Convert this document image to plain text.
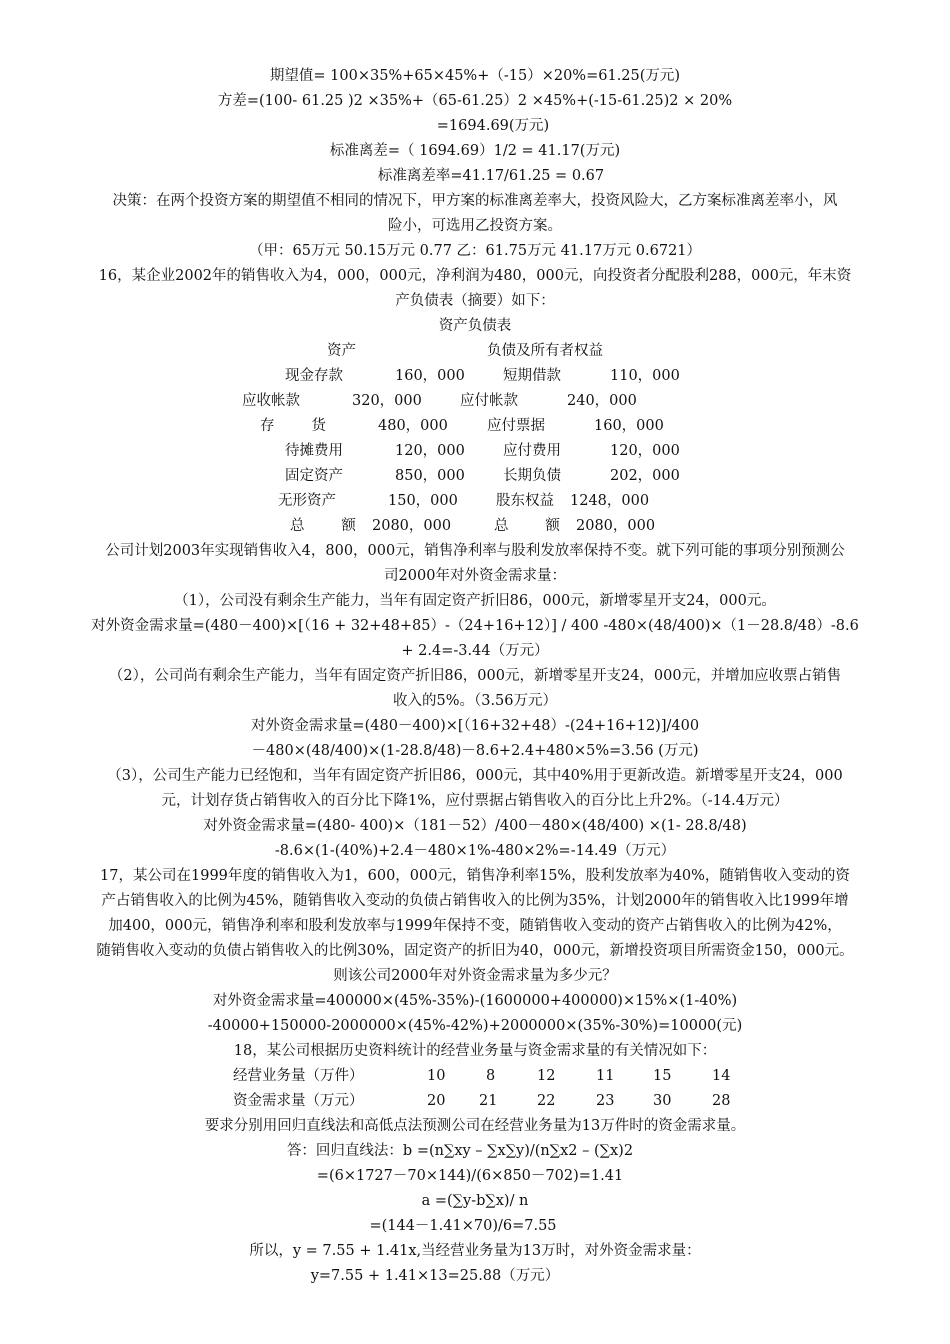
期望值= 100×35%+65×45%+（-15）×20%=61.25(万元)
方差=(100- 61.25 )2 ×35%+（65-61.25）2 ×45%+(-15-61.25)2 × 20%
=1694.69(万元)
标准离差=（ 1694.69）1/2 = 41.17(万元)
标准离差率=41.17/61.25 = 0.67
决策：在两个投资方案的期望值不相同的情况下，甲方案的标准离差率大，投资风险大，乙方案标准离差率小，风
险小，可选用乙投资方案。
（甲：65万元 50.15万元 0.77 乙：61.75万元 41.17万元 0.6721）
16，某企业2002年的销售收入为4，000，000元，净利润为480，000元，向投资者分配股利288，000元，年末资
产负债表（摘要）如下：
资产负债表
资产	负债及所有者权益
现金存款	160，000	短期借款	110，000
应收帐款	320，000	应付帐款	240，000
存        货	480，000	应付票据	160，000
待摊费用	120，000	应付费用	120，000
固定资产	850，000	长期负债	202，000
无形资产	150，000	股东权益 1248，000
总        额 2080，000	总        额 2080，000
公司计划2003年实现销售收入4，800，000元，销售净利率与股利发放率保持不变。就下列可能的事项分别预测公
司2000年对外资金需求量：
（1），公司没有剩余生产能力，当年有固定资产折旧86，000元，新增零星开支24，000元。
对外资金需求量=(480－400)×[（16 + 32+48+85）-（24+16+12）] / 400 -480×(48/400)×（1－28.8/48）-8.6
+ 2.4=-3.44（万元）
（2），公司尚有剩余生产能力，当年有固定资产折旧86，000元，新增零星开支24，000元，并增加应收票占销售
收入的5%。（3.56万元）
对外资金需求量=(480－400)×[（16+32+48）-(24+16+12)]/400
－480×(48/400)×(1-28.8/48)－8.6+2.4+480×5%=3.56 (万元)
（3），公司生产能力已经饱和，当年有固定资产折旧86，000元，其中40%用于更新改造。新增零星开支24，000
元，计划存货占销售收入的百分比下降1%，应付票据占销售收入的百分比上升2%。（-14.4万元）
对外资金需求量=(480- 400)×（181－52）/400－480×(48/400) ×(1- 28.8/48)
-8.6×(1-(40%)+2.4－480×1%-480×2%=-14.49（万元）
17，某公司在1999年度的销售收入为1，600，000元，销售净利率15%，股利发放率为40%，随销售收入变动的资
产占销售收入的比例为45%，随销售收入变动的负债占销售收入的比例为35%，计划2000年的销售收入比1999年增
加400，000元，销售净利率和股利发放率与1999年保持不变，随销售收入变动的资产占销售收入的比例为42%，
随销售收入变动的负债占销售收入的比例30%，固定资产的折旧为40，000元，新增投资项目所需资金150，000元。
则该公司2000年对外资金需求量为多少元？
对外资金需求量=400000×(45%-35%)-(1600000+400000)×15%×(1-40%)
-40000+150000-2000000×(45%-42%)+2000000×(35%-30%)=10000(元)
18，某公司根据历史资料统计的经营业务量与资金需求量的有关情况如下：
经营业务量（万件）	10	8	12	11	15	14
资金需求量（万元）	20 21	22	23	30	28
要求分别用回归直线法和高低点法预测公司在经营业务量为13万件时的资金需求量。
答：回归直线法：b =(n∑xy – ∑x∑y)/(n∑x2 – (∑x)2
=(6×1727－70×144)/(6×850－702)=1.41
a =(∑y-b∑x)/ n
=(144－1.41×70)/6=7.55
所以，y = 7.55 + 1.41x,当经营业务量为13万时，对外资金需求量：
y=7.55 + 1.41×13=25.88（万元）
